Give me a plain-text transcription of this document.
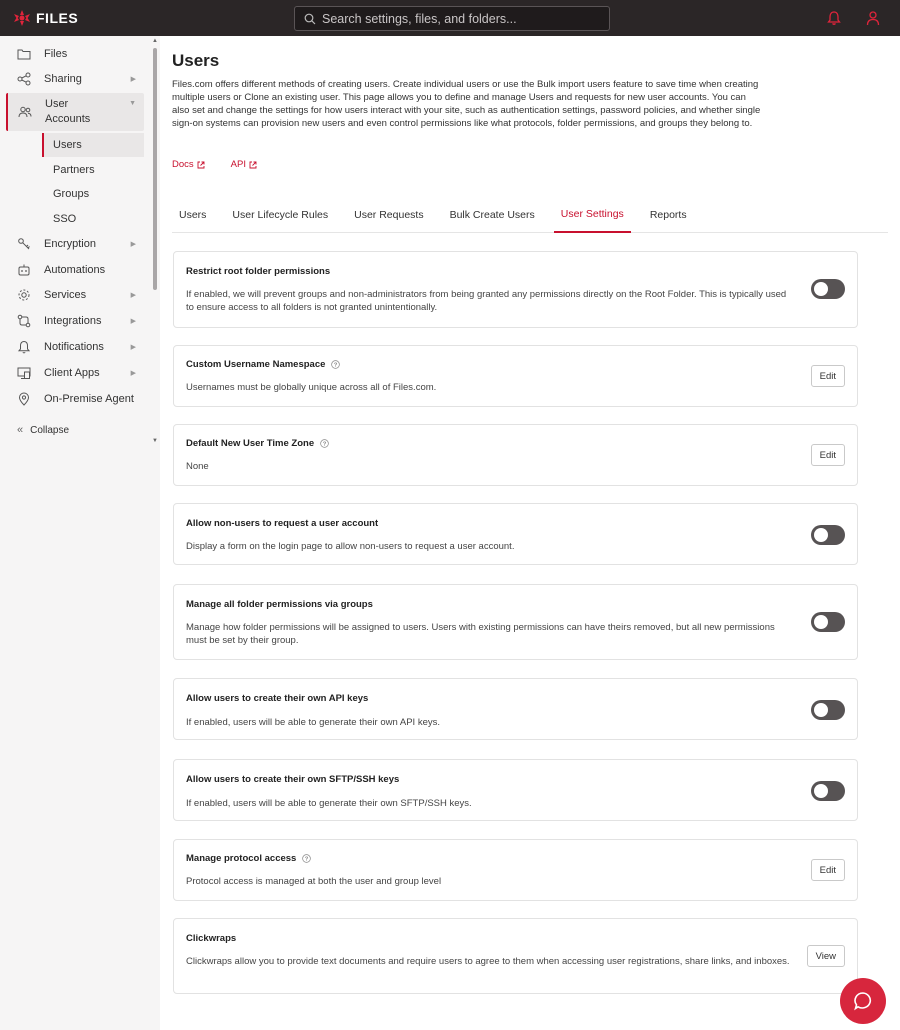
FILES
Search settings, files, and folders...
Files
Sharing	▶
User Accounts
▼
Users
Partners
Groups
SSO
Encryption	▶
Automations
Services	▶
Integrations	▶
Notifications	▶
Client Apps	▶
On-Premise Agent
« Collapse
▲
▼
Users

Files.com offers different methods of creating users. Create individual users or use the Bulk import users feature to save time when creating multiple users or Clone an existing user. This page allows you to define and manage Users and requests for new user accounts. You can also set and change the settings for how users interact with your site, such as authentication settings, password policies, and whether single sign-on systems can provision new users and even control permissions like what protocols, folder permissions, and groups they belong to.

Docs	API
Users	User Lifecycle Rules	User Requests	Bulk Create Users	User Settings	Reports
Restrict root folder permissions
If enabled, we will prevent groups and non-administrators from being granted any permissions directly on the Root Folder. This is typically used to ensure access to all folders is not granted unintentionally.
Custom Username Namespace ?
Usernames must be globally unique across all of Files.com.
Edit
Default New User Time Zone ?
None
Edit
Allow non-users to request a user account
Display a form on the login page to allow non-users to request a user account.
Manage all folder permissions via groups
Manage how folder permissions will be assigned to users. Users with existing permissions can have theirs removed, but all new permissions must be set by their group.
Allow users to create their own API keys
If enabled, users will be able to generate their own API keys.
Allow users to create their own SFTP/SSH keys
If enabled, users will be able to generate their own SFTP/SSH keys.
Manage protocol access ?
Protocol access is managed at both the user and group level
Edit
Clickwraps
Clickwraps allow you to provide text documents and require users to agree to them when accessing user registrations, share links, and inboxes.	View
